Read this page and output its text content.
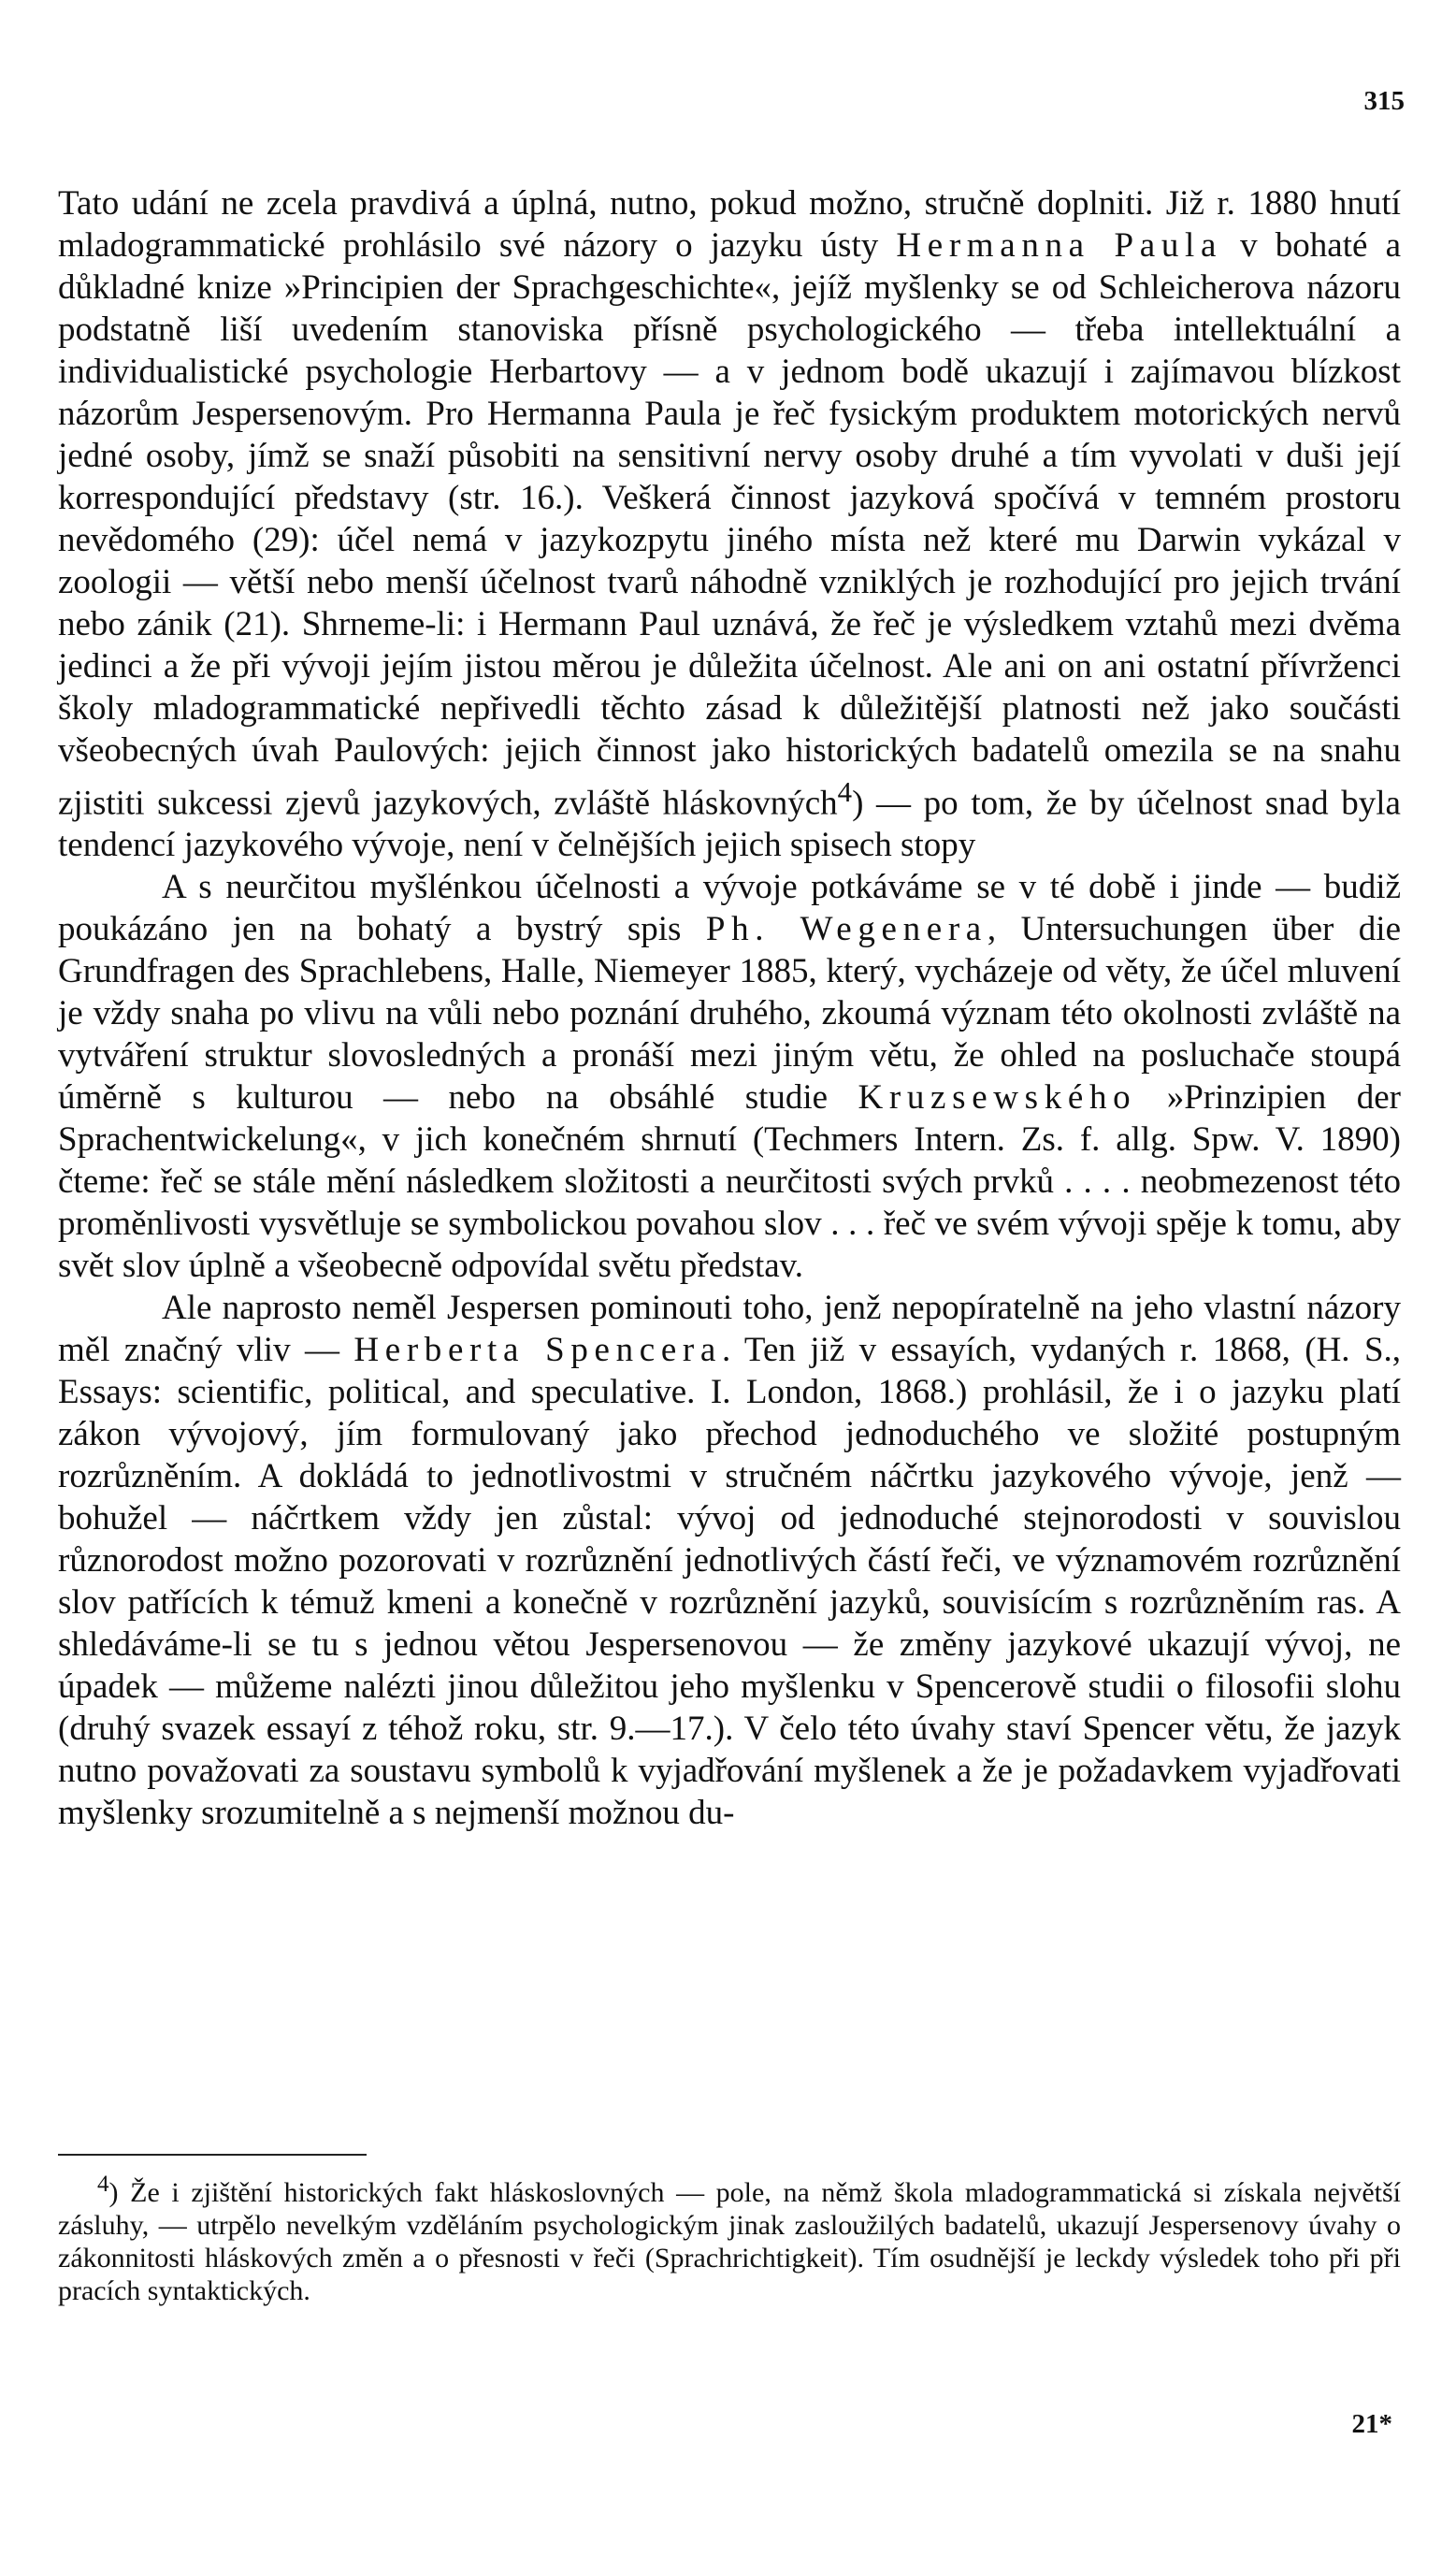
315

Tato udání ne zcela pravdivá a úplná, nutno, pokud možno, stručně doplniti. Již r. 1880 hnutí mladogrammatické prohlásilo své názory o jazyku ústy Hermanna Paula v bohaté a důkladné knize »Principien der Sprachgeschichte«, jejíž myšlenky se od Schleicherova názoru podstatně liší uvedením stanoviska přísně psychologického — třeba intellektuální a individualistické psychologie Herbartovy — a v jednom bodě ukazují i zajímavou blízkost názorům Jespersenovým. Pro Hermanna Paula je řeč fysickým produktem motorických nervů jedné osoby, jímž se snaží působiti na sensitivní nervy osoby druhé a tím vyvolati v duši její korrespondující představy (str. 16.). Veškerá činnost jazyková spočívá v temném prostoru nevědomého (29): účel nemá v jazykozpytu jiného místa než které mu Darwin vykázal v zoologii — větší nebo menší účelnost tvarů náhodně vzniklých je rozhodující pro jejich trvání nebo zánik (21). Shrneme-li: i Hermann Paul uznává, že řeč je výsledkem vztahů mezi dvěma jedinci a že při vývoji jejím jistou měrou je důležita účelnost. Ale ani on ani ostatní přívrženci školy mladogrammatické nepřivedli těchto zásad k důležitější platnosti než jako součásti všeobecných úvah Paulových: jejich činnost jako historických badatelů omezila se na snahu zjistiti sukcessi zjevů jazykových, zvláště hláskovných$^4$) — po tom, že by účelnost snad byla tendencí jazykového vývoje, není v čelnějších jejich spisech stopy

A s neurčitou myšlénkou účelnosti a vývoje potkáváme se v té době i jinde — budiž poukázáno jen na bohatý a bystrý spis Ph. Wegenera, Untersuchungen über die Grundfragen des Sprachlebens, Halle, Niemeyer 1885, který, vycházeje od věty, že účel mluvení je vždy snaha po vlivu na vůli nebo poznání druhého, zkoumá význam této okolnosti zvláště na vytváření struktur slovosledných a pronáší mezi jiným větu, že ohled na posluchače stoupá úměrně s kulturou — nebo na obsáhlé studie Kruzsewského »Prinzipien der Sprachentwickelung«, v jich konečném shrnutí (Techmers Intern. Zs. f. allg. Spw. V. 1890) čteme: řeč se stále mění následkem složitosti a neurčitosti svých prvků . . . . neobmezenost této proměnlivosti vysvětluje se symbolickou povahou slov . . . řeč ve svém vývoji spěje k tomu, aby svět slov úplně a všeobecně odpovídal světu představ.

Ale naprosto neměl Jespersen pominouti toho, jenž nepopíratelně na jeho vlastní názory měl značný vliv — Herberta Spencera. Ten již v essayích, vydaných r. 1868, (H. S., Essays: scientific, political, and speculative. I. London, 1868.) prohlásil, že i o jazyku platí zákon vývojový, jím formulovaný jako přechod jednoduchého ve složité postupným rozrůzněním. A dokládá to jednotlivostmi v stručném náčrtku jazykového vývoje, jenž — bohužel — náčrtkem vždy jen zůstal: vývoj od jednoduché stejnorodosti v souvislou různorodost možno pozorovati v rozrůznění jednotlivých částí řeči, ve významovém rozrůznění slov patřících k témuž kmeni a konečně v rozrůznění jazyků, souvisícím s rozrůzněním ras. A shledáváme-li se tu s jednou větou Jespersenovou — že změny jazykové ukazují vývoj, ne úpadek — můžeme nalézti jinou důležitou jeho myšlenku v Spencerově studii o filosofii slohu (druhý svazek essayí z téhož roku, str. 9.—17.). V čelo této úvahy staví Spencer větu, že jazyk nutno považovati za soustavu symbolů k vyjadřování myšlenek a že je požadavkem vyjadřovati myšlenky srozumitelně a s nejmenší možnou du-

$^4$) Že i zjištění historických fakt hláskoslovných — pole, na němž škola mladogrammatická si získala největší zásluhy, — utrpělo nevelkým vzděláním psychologickým jinak zasloužilých badatelů, ukazují Jespersenovy úvahy o zákonnitosti hláskových změn a o přesnosti v řeči (Sprachrichtigkeit). Tím osudnější je leckdy výsledek toho při při pracích syntaktických.
21*
